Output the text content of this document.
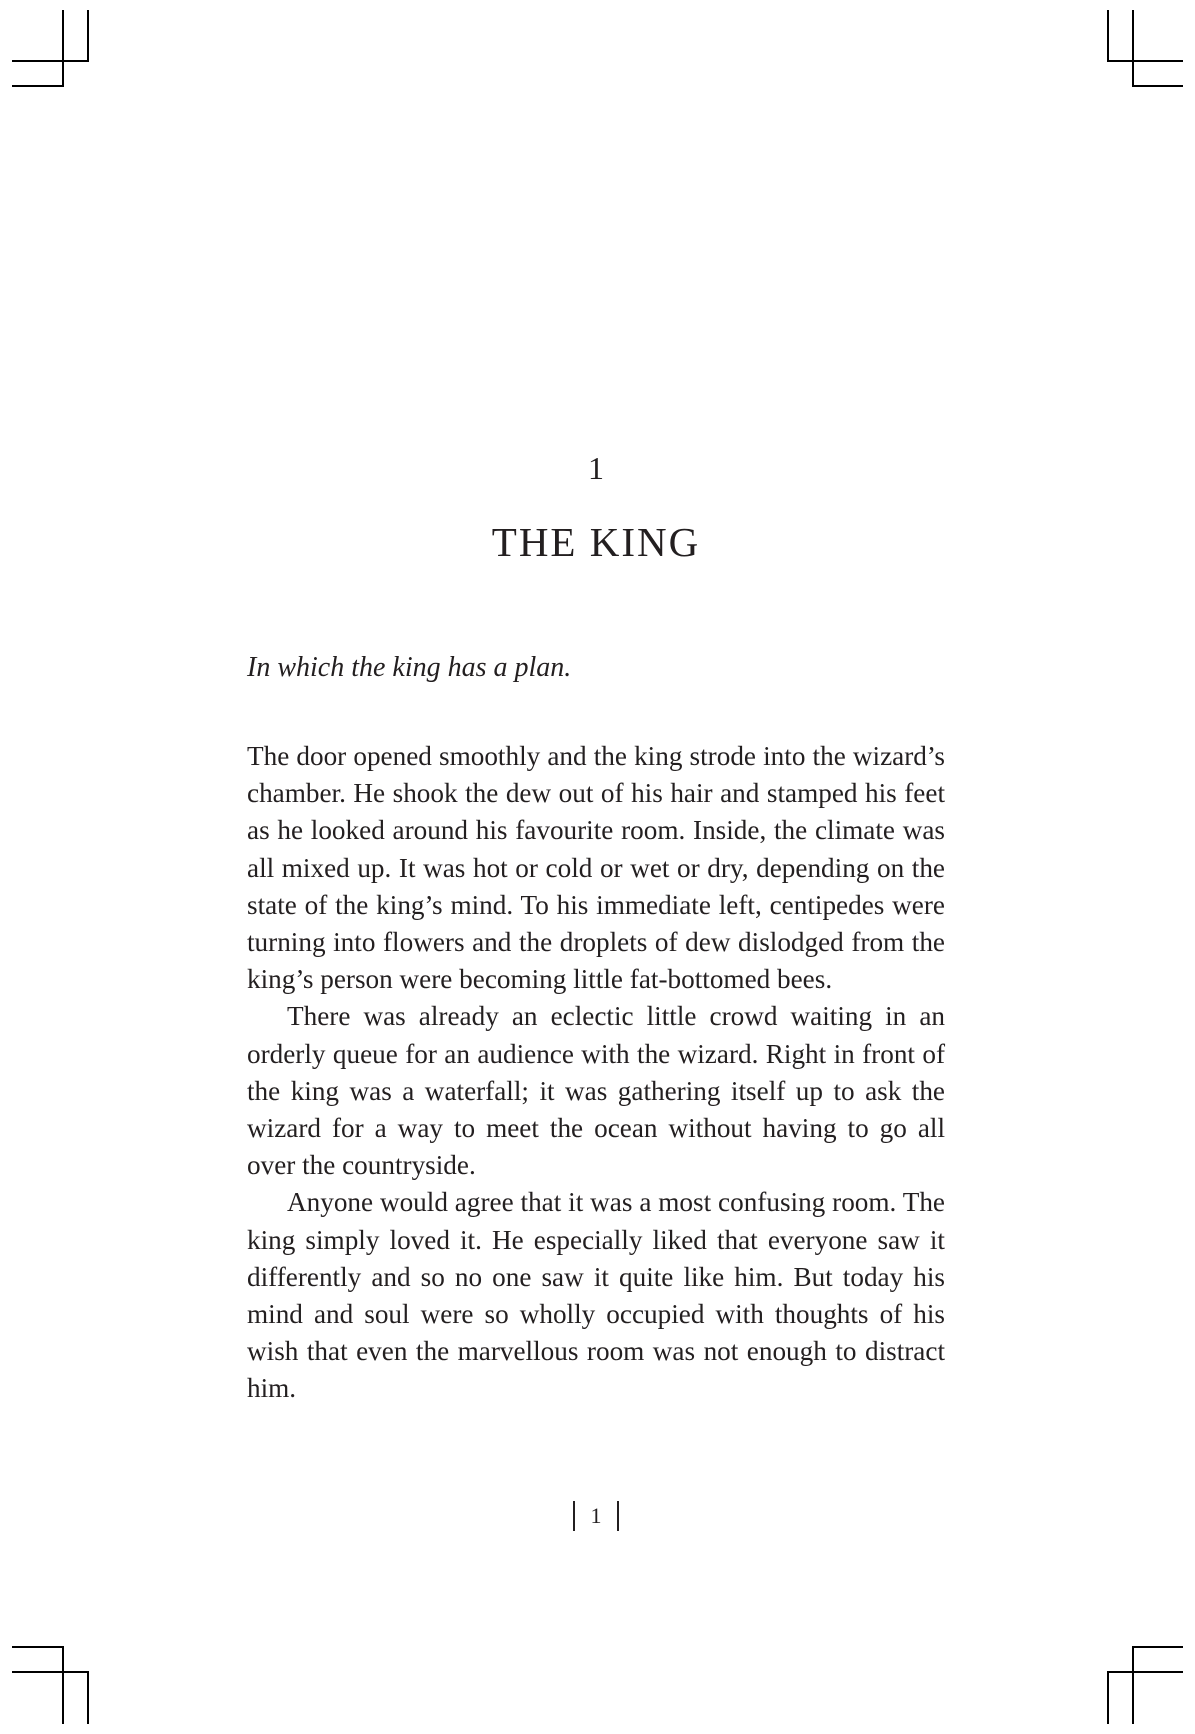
1
THE KING
In which the king has a plan.

The door opened smoothly and the king strode into the wizard’s chamber. He shook the dew out of his hair and stamped his feet as he looked around his favourite room. Inside, the climate was all mixed up. It was hot or cold or wet or dry, depending on the state of the king’s mind. To his immediate left, centipedes were turning into flowers and the droplets of dew dislodged from the king’s person were becoming little fat-bottomed bees.

There was already an eclectic little crowd waiting in an orderly queue for an audience with the wizard. Right in front of the king was a waterfall; it was gathering itself up to ask the wizard for a way to meet the ocean without having to go all over the countryside.

Anyone would agree that it was a most confusing room. The king simply loved it. He especially liked that everyone saw it differently and so no one saw it quite like him. But today his mind and soul were so wholly occupied with thoughts of his wish that even the marvellous room was not enough to distract him.

1
